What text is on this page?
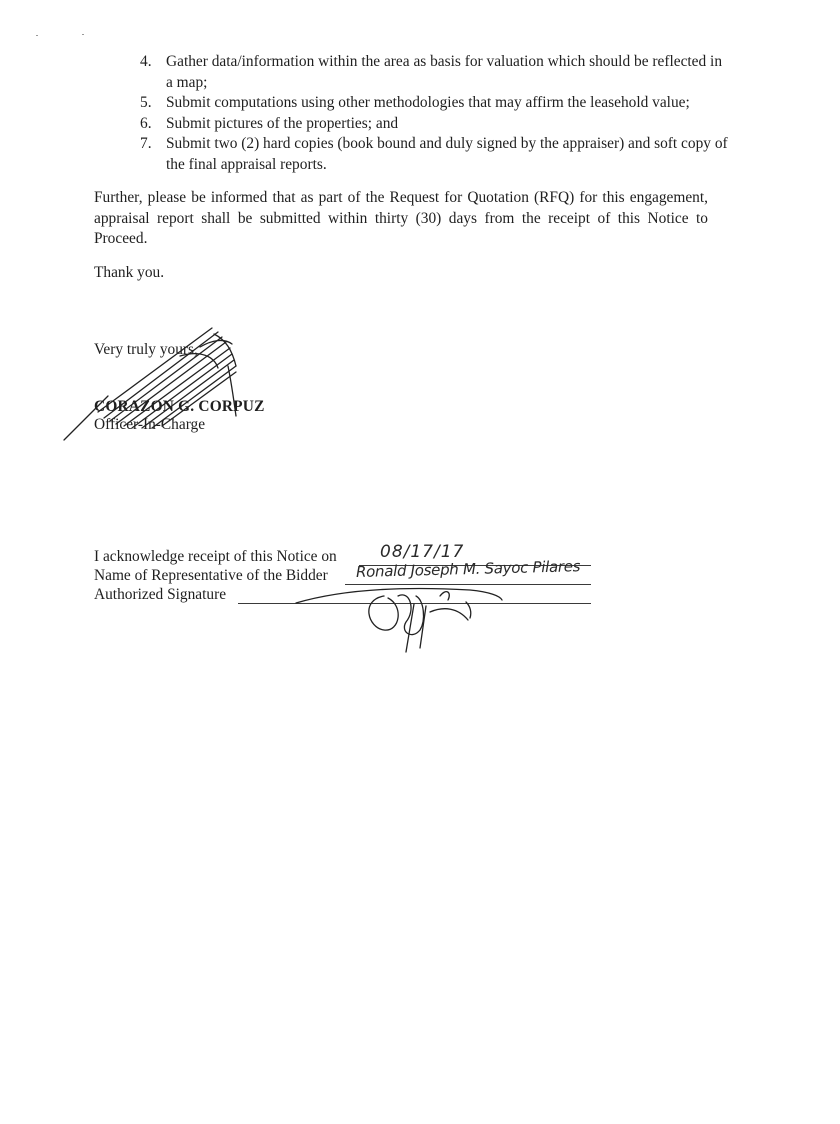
4. Gather data/information within the area as basis for valuation which should be reflected in a map;
5. Submit computations using other methodologies that may affirm the leasehold value;
6. Submit pictures of the properties; and
7. Submit two (2) hard copies (book bound and duly signed by the appraiser) and soft copy of the final appraisal reports.

Further, please be informed that as part of the Request for Quotation (RFQ) for this engagement, appraisal report shall be submitted within thirty (30) days from the receipt of this Notice to Proceed.

Thank you.

Very truly yours,
CORAZON G. CORPUZ
Officer-In-Charge
I acknowledge receipt of this Notice on
Name of Representative of the Bidder
Authorized Signature
08/17/17
Ronald Joseph M. Sayoc Pilares
